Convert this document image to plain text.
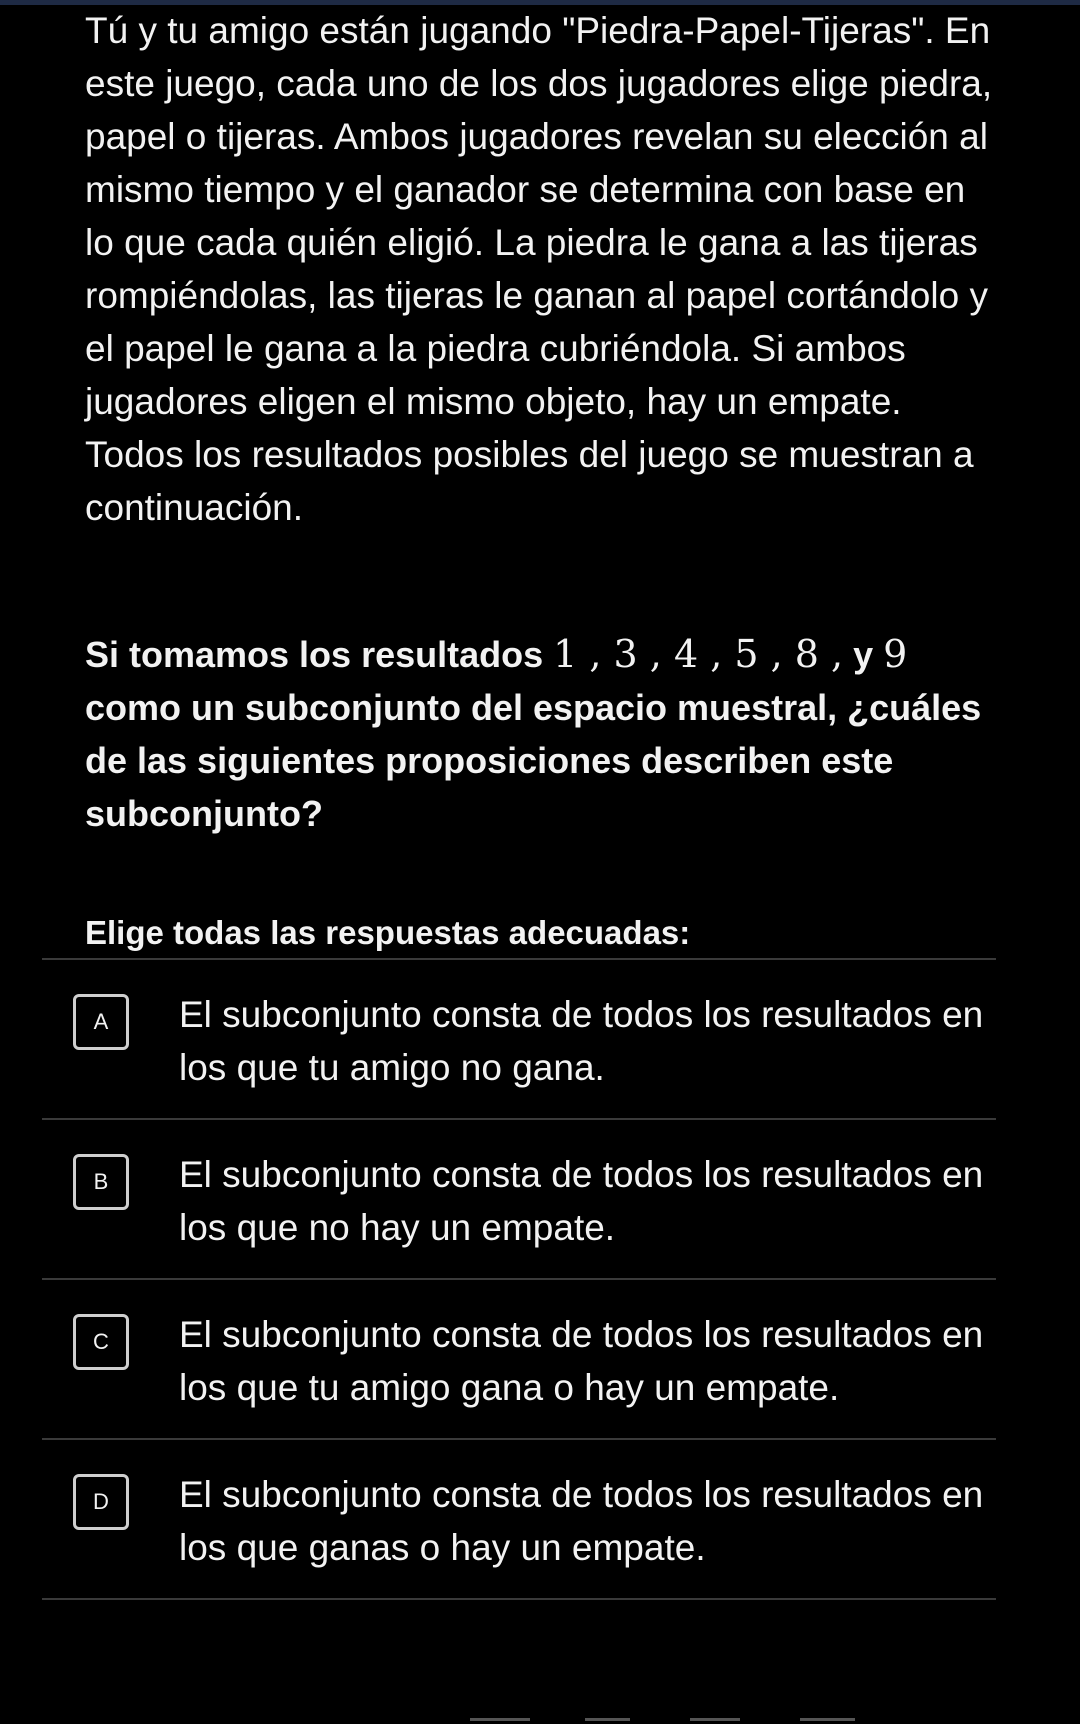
Tú y tu amigo están jugando "Piedra-Papel-Tijeras". En este juego, cada uno de los dos jugadores elige piedra, papel o tijeras. Ambos jugadores revelan su elección al mismo tiempo y el ganador se determina con base en lo que cada quién eligió. La piedra le gana a las tijeras rompiéndolas, las tijeras le ganan al papel cortándolo y el papel le gana a la piedra cubriéndola. Si ambos jugadores eligen el mismo objeto, hay un empate. Todos los resultados posibles del juego se muestran a continuación.

Si tomamos los resultados 1 , 3 , 4 , 5 , 8 , y 9 como un subconjunto del espacio muestral, ¿cuáles de las siguientes proposiciones describen este subconjunto?

Elige todas las respuestas adecuadas:

A	El subconjunto consta de todos los resultados en los que tu amigo no gana.
B	El subconjunto consta de todos los resultados en los que no hay un empate.
C	El subconjunto consta de todos los resultados en los que tu amigo gana o hay un empate.
D	El subconjunto consta de todos los resultados en los que ganas o hay un empate.
